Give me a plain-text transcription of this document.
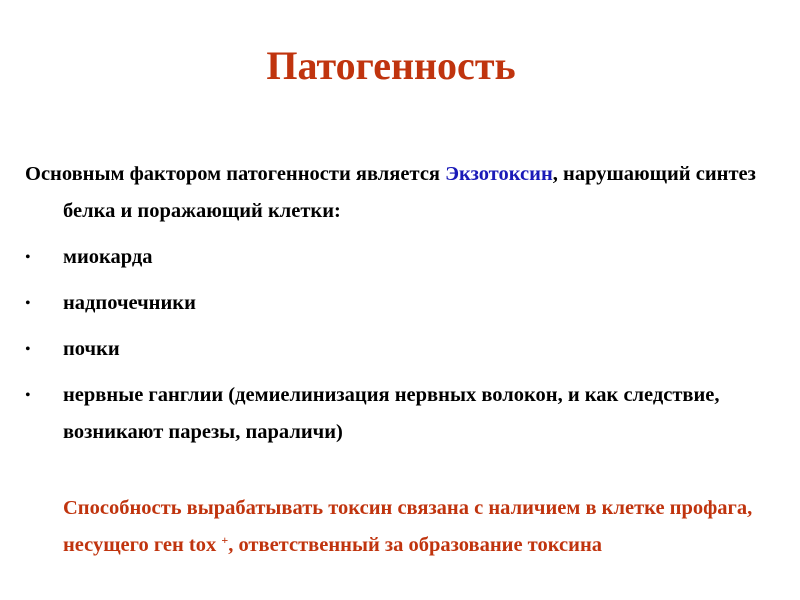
Патогенность

Основным фактором патогенности является Экзотоксин, нарушающий синтез белка и поражающий клетки:

• миокарда
• надпочечники
• почки
• нервные ганглии (демиелинизация нервных волокон, и как следствие, возникают парезы, параличи)

Способность вырабатывать токсин связана с наличием в клетке профага, несущего ген tox +, ответственный за образование токсина
